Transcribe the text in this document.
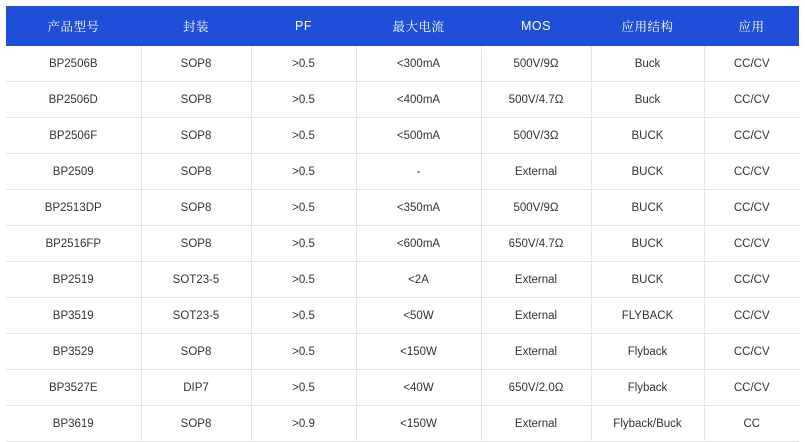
产品型号	封装	PF	最大电流	MOS	应用结构	应用
BP2506B	SOP8	>0.5	<300mA	500V/9Ω	Buck	CC/CV
BP2506D	SOP8	>0.5	<400mA	500V/4.7Ω	Buck	CC/CV
BP2506F	SOP8	>0.5	<500mA	500V/3Ω	BUCK	CC/CV
BP2509	SOP8	>0.5	-	External	BUCK	CC/CV
BP2513DP	SOP8	>0.5	<350mA	500V/9Ω	BUCK	CC/CV
BP2516FP	SOP8	>0.5	<600mA	650V/4.7Ω	BUCK	CC/CV
BP2519	SOT23-5	>0.5	<2A	External	BUCK	CC/CV
BP3519	SOT23-5	>0.5	<50W	External	FLYBACK	CC/CV
BP3529	SOP8	>0.5	<150W	External	Flyback	CC/CV
BP3527E	DIP7	>0.5	<40W	650V/2.0Ω	Flyback	CC/CV
BP3619	SOP8	>0.9	<150W	External	Flyback/Buck	CC
